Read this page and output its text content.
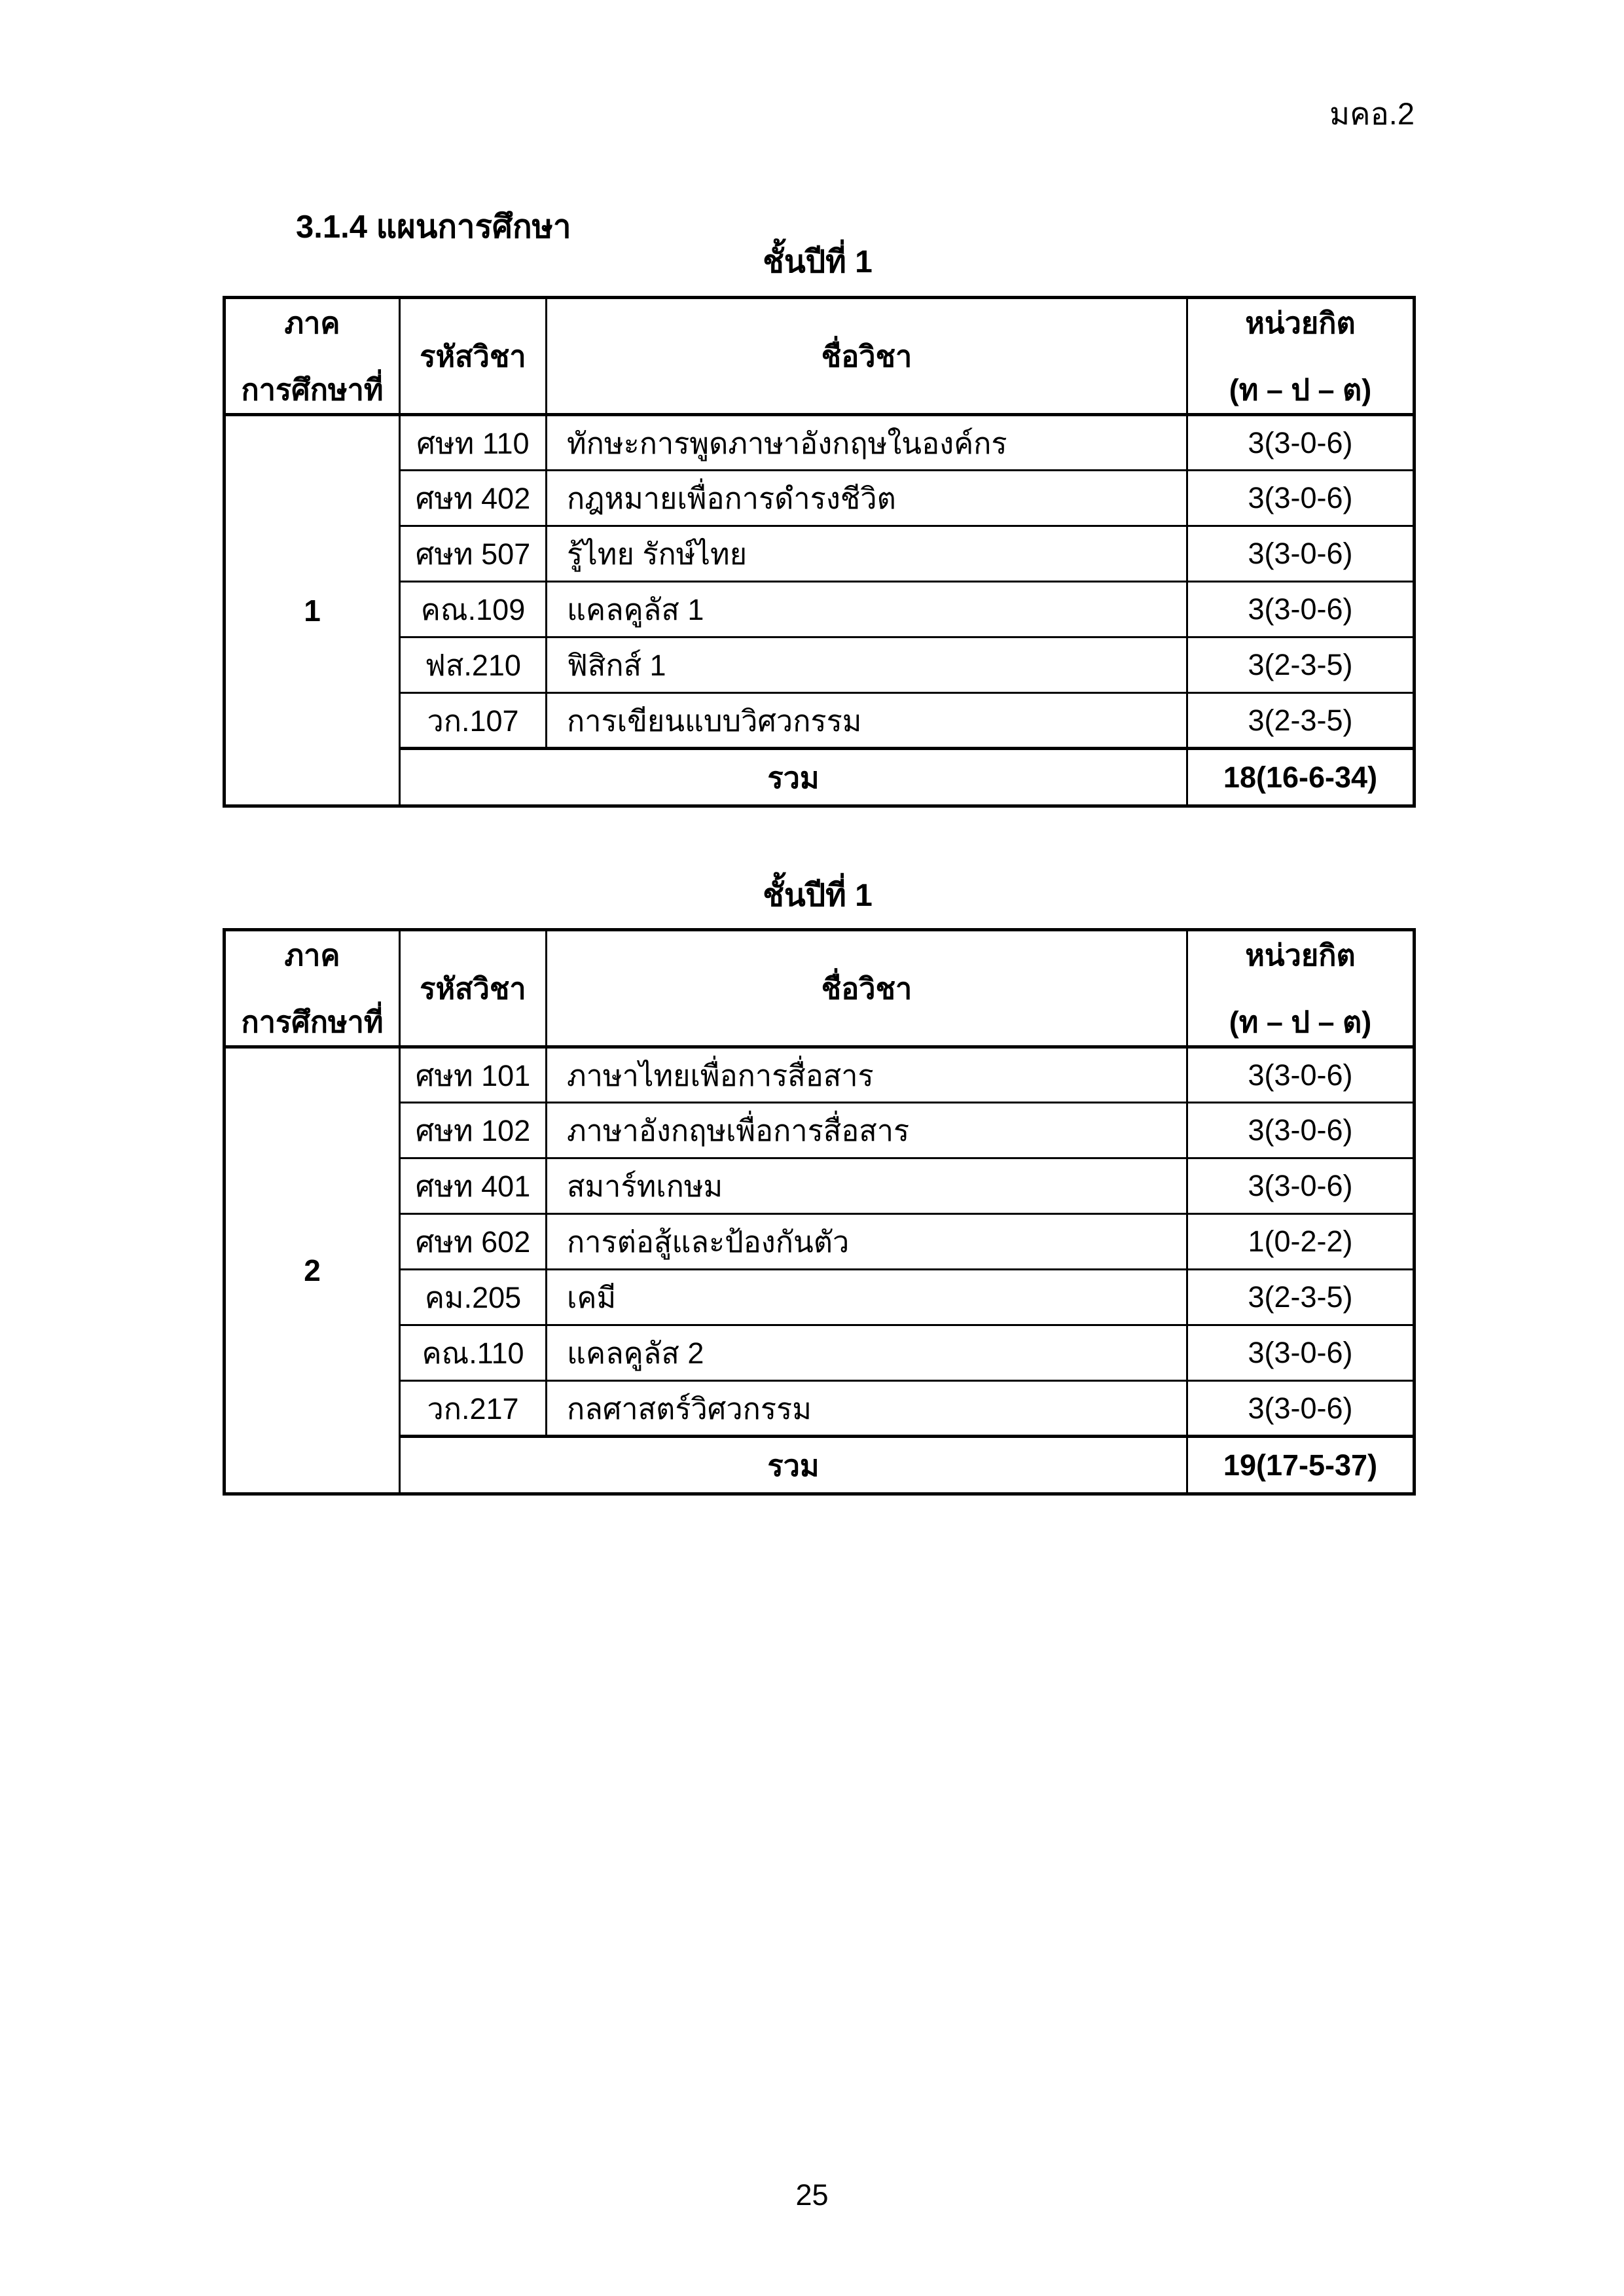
มคอ.2
3.1.4 แผนการศึกษา
ชั้นปีที่ 1
ภาค
การศึกษาที่
	รหัสวิชา	ชื่อวิชา	
หน่วยกิต
(ท – ป – ต)

1	ศษท 110	ทักษะการพูดภาษาอังกฤษในองค์กร	3(3-0-6)
	ศษท 402	กฎหมายเพื่อการดำรงชีวิต	3(3-0-6)
	ศษท 507	รู้ไทย รักษ์ไทย	3(3-0-6)
	คณ.109	แคลคูลัส 1	3(3-0-6)
	ฟส.210	ฟิสิกส์ 1	3(2-3-5)
	วก.107	การเขียนแบบวิศวกรรม	3(2-3-5)
	รวม		18(16-6-34)
ชั้นปีที่ 1
ภาค
การศึกษาที่
	รหัสวิชา	ชื่อวิชา	
หน่วยกิต
(ท – ป – ต)

2	ศษท 101	ภาษาไทยเพื่อการสื่อสาร	3(3-0-6)
	ศษท 102	ภาษาอังกฤษเพื่อการสื่อสาร	3(3-0-6)
	ศษท 401	สมาร์ทเกษม	3(3-0-6)
	ศษท 602	การต่อสู้และป้องกันตัว	1(0-2-2)
	คม.205	เคมี	3(2-3-5)
	คณ.110	แคลคูลัส 2	3(3-0-6)
	วก.217	กลศาสตร์วิศวกรรม	3(3-0-6)
	รวม		19(17-5-37)
25
